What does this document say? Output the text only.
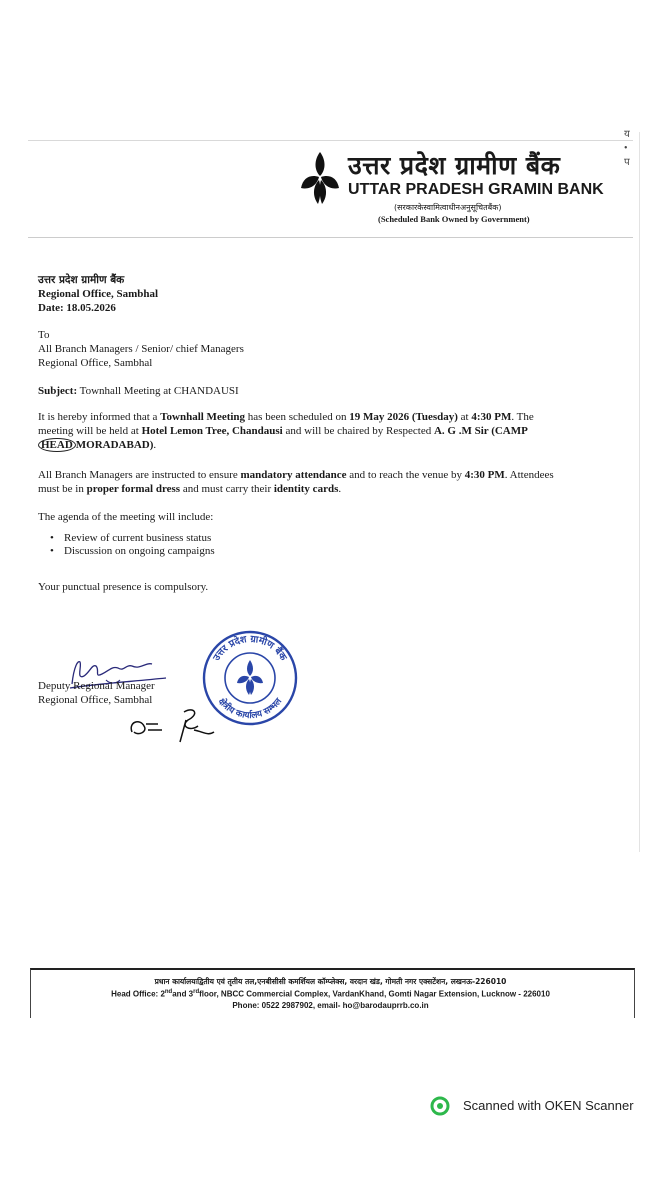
य
•
प
उत्तर प्रदेश ग्रामीण बैंक
UTTAR PRADESH GRAMIN BANK
(सरकारकेस्वामित्वाधीनअनुसूचितबैंक)
(Scheduled Bank Owned by Government)
उत्तर प्रदेश ग्रामीण बैंक
Regional Office, Sambhal
Date: 18.05.2026
To
All Branch Managers / Senior/ chief Managers
Regional Office, Sambhal
Subject: Townhall Meeting at CHANDAUSI
It is hereby informed that a Townhall Meeting has been scheduled on 19 May 2026 (Tuesday) at 4:30 PM. The
meeting will be held at Hotel Lemon Tree, Chandausi and will be chaired by Respected A. G .M Sir (CAMP
HEAD MORADABAD).
All Branch Managers are instructed to ensure mandatory attendance and to reach the venue by 4:30 PM. Attendees
must be in proper formal dress and must carry their identity cards.
The agenda of the meeting will include:
• Review of current business status
• Discussion on ongoing campaigns
Your punctual presence is compulsory.
Deputy Regional Manager
Regional Office, Sambhal
उत्तर प्रदेश ग्रामीण बैंक
क्षेत्रीय कार्यालय सम्भल
प्रधान कार्यालयःद्वितीय एवं तृतीय तल,एनबीसीसी कमर्शियल कॉम्प्लेक्स, वरदान खंड, गोमती नगर एक्सटेंशन, लखनऊ-226010
Head Office: 2ndand 3rdfloor, NBCC Commercial Complex, VardanKhand, Gomti Nagar Extension, Lucknow - 226010
Phone: 0522 2987902, email- ho@barodauprrb.co.in
Scanned with OKEN Scanner
